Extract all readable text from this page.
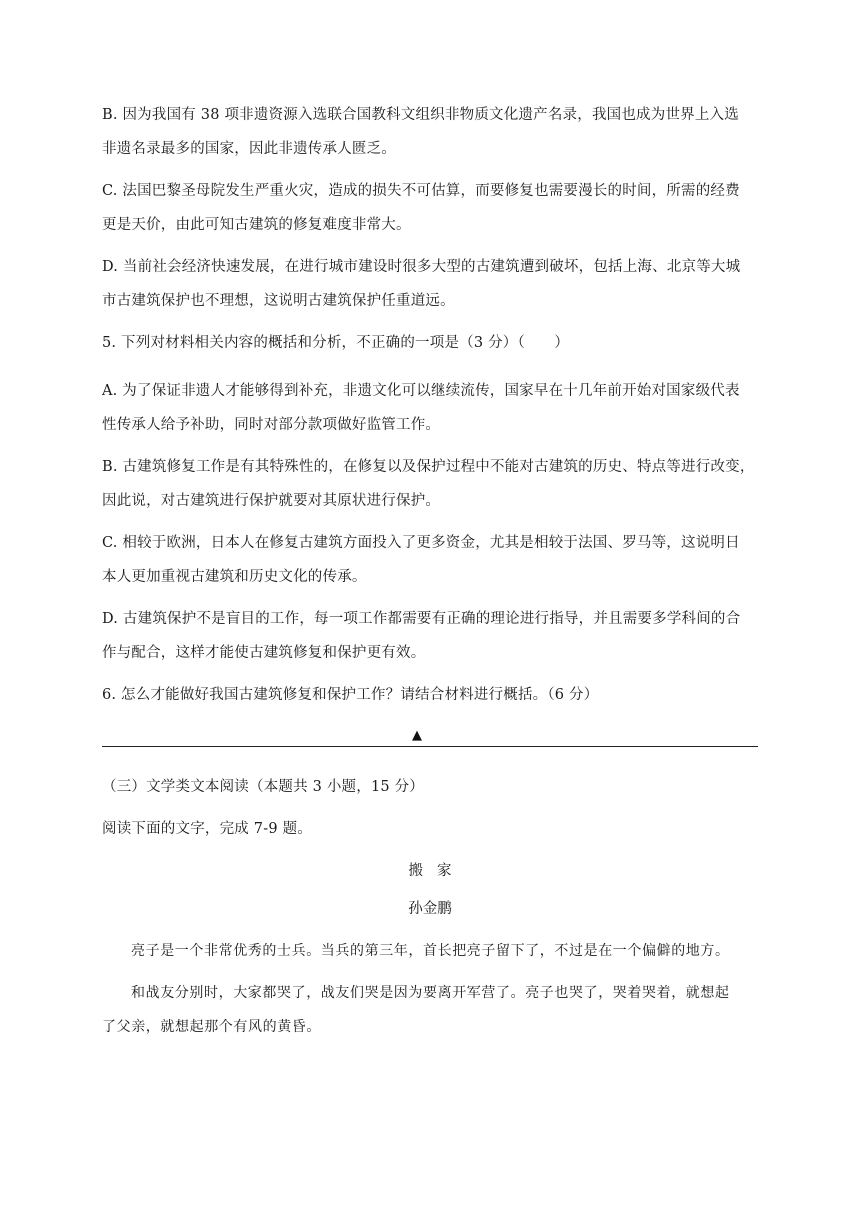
B. 因为我国有 38 项非遗资源入选联合国教科文组织非物质文化遗产名录，我国也成为世界上入选
非遗名录最多的国家，因此非遗传承人匮乏。
C. 法国巴黎圣母院发生严重火灾，造成的损失不可估算，而要修复也需要漫长的时间，所需的经费
更是天价，由此可知古建筑的修复难度非常大。
D. 当前社会经济快速发展，在进行城市建设时很多大型的古建筑遭到破坏，包括上海、北京等大城
市古建筑保护也不理想，这说明古建筑保护任重道远。
5. 下列对材料相关内容的概括和分析，不正确的一项是（3 分）（　　）
A. 为了保证非遗人才能够得到补充，非遗文化可以继续流传，国家早在十几年前开始对国家级代表
性传承人给予补助，同时对部分款项做好监管工作。
B. 古建筑修复工作是有其特殊性的，在修复以及保护过程中不能对古建筑的历史、特点等进行改变，
因此说，对古建筑进行保护就要对其原状进行保护。
C. 相较于欧洲，日本人在修复古建筑方面投入了更多资金，尤其是相较于法国、罗马等，这说明日
本人更加重视古建筑和历史文化的传承。
D. 古建筑保护不是盲目的工作，每一项工作都需要有正确的理论进行指导，并且需要多学科间的合
作与配合，这样才能使古建筑修复和保护更有效。
6. 怎么才能做好我国古建筑修复和保护工作？请结合材料进行概括。（6 分）
▲
（三）文学类文本阅读（本题共 3 小题，15 分）
阅读下面的文字，完成 7-9 题。
搬家
孙金鹏
亮子是一个非常优秀的士兵。当兵的第三年，首长把亮子留下了，不过是在一个偏僻的地方。
和战友分别时，大家都哭了，战友们哭是因为要离开军营了。亮子也哭了，哭着哭着，就想起
了父亲，就想起那个有风的黄昏。
